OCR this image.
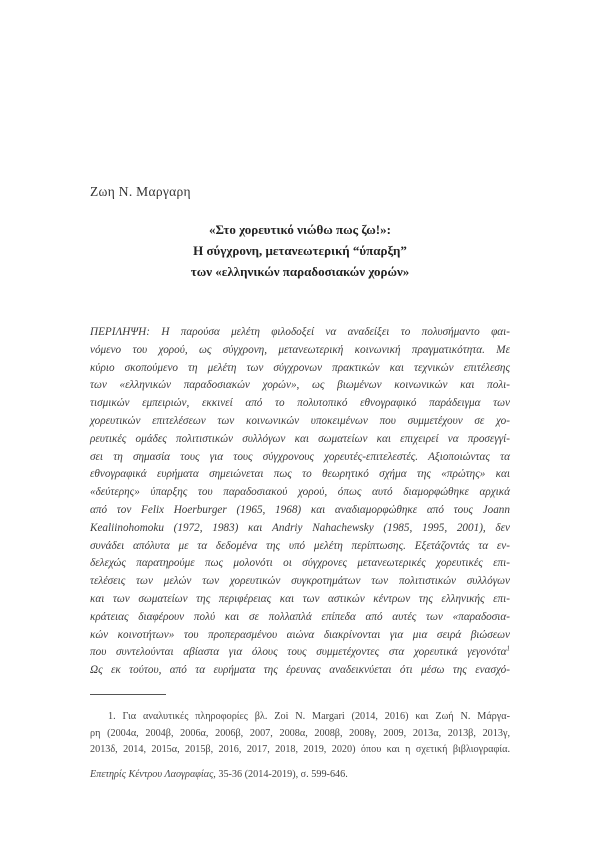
Ζωη Ν. Μαργαρη
«Στο χορευτικό νιώθω πως ζω!»:
Η σύγχρονη, μετανεωτερική “ύπαρξη”
των «ελληνικών παραδοσιακών χορών»
ΠΕΡΙΛΗΨΗ: Η παρούσα μελέτη φιλοδοξεί να αναδείξει το πολυσήμαντο φαι-
νόμενο του χορού, ως σύγχρονη, μετανεωτερική κοινωνική πραγματικότητα. Με
κύριο σκοπούμενο τη μελέτη των σύγχρονων πρακτικών και τεχνικών επιτέλεσης
των «ελληνικών παραδοσιακών χορών», ως βιωμένων κοινωνικών και πολι-
τισμικών εμπειριών, εκκινεί από το πολυτοπικό εθνογραφικό παράδειγμα των
χορευτικών επιτελέσεων των κοινωνικών υποκειμένων που συμμετέχουν σε χο-
ρευτικές ομάδες πολιτιστικών συλλόγων και σωματείων και επιχειρεί να προσεγγί-
σει τη σημασία τους για τους σύγχρονους χορευτές-επιτελεστές. Αξιοποιώντας τα
εθνογραφικά ευρήματα σημειώνεται πως το θεωρητικό σχήμα της «πρώτης» και
«δεύτερης» ύπαρξης του παραδοσιακού χορού, όπως αυτό διαμορφώθηκε αρχικά
από τον Felix Hoerburger (1965, 1968) και αναδιαμορφώθηκε από τους Joann
Kealiinohomoku (1972, 1983) και Andriy Nahachewsky (1985, 1995, 2001), δεν
συνάδει απόλυτα με τα δεδομένα της υπό μελέτη περίπτωσης. Εξετάζοντάς τα εν-
δελεχώς παρατηρούμε πως μολονότι οι σύγχρονες μετανεωτερικές χορευτικές επι-
τελέσεις των μελών των χορευτικών συγκροτημάτων των πολιτιστικών συλλόγων
και των σωματείων της περιφέρειας και των αστικών κέντρων της ελληνικής επι-
κράτειας διαφέρουν πολύ και σε πολλαπλά επίπεδα από αυτές των «παραδοσια-
κών κοινοτήτων» του προπερασμένου αιώνα διακρίνονται για μια σειρά βιώσεων
που συντελούνται αβίαστα για όλους τους συμμετέχοντες στα χορευτικά γεγονότα$^1$
Ως εκ τούτου, από τα ευρήματα της έρευνας αναδεικνύεται ότι μέσω της ενασχό-
1. Για αναλυτικές πληροφορίες βλ. Zoi N. Margari (2014, 2016) και Ζωή Ν. Μάργα-
ρη (2004α, 2004β, 2006α, 2006β, 2007, 2008α, 2008β, 2008γ, 2009, 2013α, 2013β, 2013γ,
2013δ, 2014, 2015α, 2015β, 2016, 2017, 2018, 2019, 2020) όπου και η σχετική βιβλιογραφία.
Επετηρίς Κέντρου Λαογραφίας, 35-36 (2014-2019), σ. 599-646.
